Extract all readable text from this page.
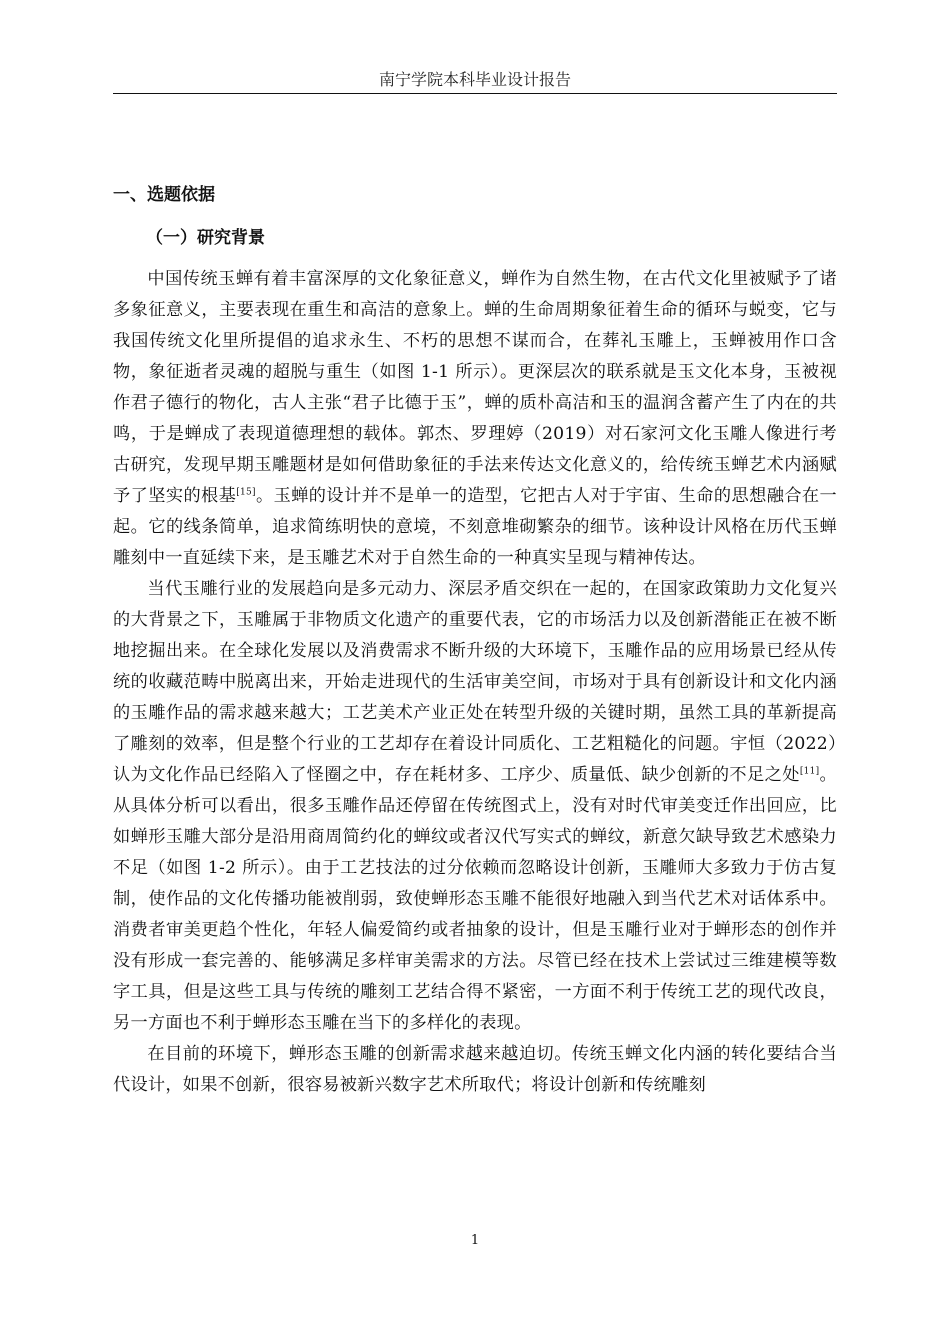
南宁学院本科毕业设计报告
一、选题依据
（一）研究背景

中国传统玉蝉有着丰富深厚的文化象征意义，蝉作为自然生物，在古代文化里被赋予了诸多象征意义，主要表现在重生和高洁的意象上。蝉的生命周期象征着生命的循环与蜕变，它与我国传统文化里所提倡的追求永生、不朽的思想不谋而合，在葬礼玉雕上，玉蝉被用作口含物，象征逝者灵魂的超脱与重生（如图 1-1 所示）。更深层次的联系就是玉文化本身，玉被视作君子德行的物化，古人主张“君子比德于玉”，蝉的质朴高洁和玉的温润含蓄产生了内在的共鸣，于是蝉成了表现道德理想的载体。郭杰、罗理婷（2019）对石家河文化玉雕人像进行考古研究，发现早期玉雕题材是如何借助象征的手法来传达文化意义的，给传统玉蝉艺术内涵赋予了坚实的根基[15]。玉蝉的设计并不是单一的造型，它把古人对于宇宙、生命的思想融合在一起。它的线条简单，追求简练明快的意境，不刻意堆砌繁杂的细节。该种设计风格在历代玉蝉雕刻中一直延续下来，是玉雕艺术对于自然生命的一种真实呈现与精神传达。

当代玉雕行业的发展趋向是多元动力、深层矛盾交织在一起的，在国家政策助力文化复兴的大背景之下，玉雕属于非物质文化遗产的重要代表，它的市场活力以及创新潜能正在被不断地挖掘出来。在全球化发展以及消费需求不断升级的大环境下，玉雕作品的应用场景已经从传统的收藏范畴中脱离出来，开始走进现代的生活审美空间，市场对于具有创新设计和文化内涵的玉雕作品的需求越来越大；工艺美术产业正处在转型升级的关键时期，虽然工具的革新提高了雕刻的效率，但是整个行业的工艺却存在着设计同质化、工艺粗糙化的问题。宇恒（2022）认为文化作品已经陷入了怪圈之中，存在耗材多、工序少、质量低、缺少创新的不足之处[11]。从具体分析可以看出，很多玉雕作品还停留在传统图式上，没有对时代审美变迁作出回应，比如蝉形玉雕大部分是沿用商周简约化的蝉纹或者汉代写实式的蝉纹，新意欠缺导致艺术感染力不足（如图 1-2 所示）。由于工艺技法的过分依赖而忽略设计创新，玉雕师大多致力于仿古复制，使作品的文化传播功能被削弱，致使蝉形态玉雕不能很好地融入到当代艺术对话体系中。消费者审美更趋个性化，年轻人偏爱简约或者抽象的设计，但是玉雕行业对于蝉形态的创作并没有形成一套完善的、能够满足多样审美需求的方法。尽管已经在技术上尝试过三维建模等数字工具，但是这些工具与传统的雕刻工艺结合得不紧密，一方面不利于传统工艺的现代改良，另一方面也不利于蝉形态玉雕在当下的多样化的表现。

在目前的环境下，蝉形态玉雕的创新需求越来越迫切。传统玉蝉文化内涵的转化要结合当代设计，如果不创新，很容易被新兴数字艺术所取代；将设计创新和传统雕刻

1
